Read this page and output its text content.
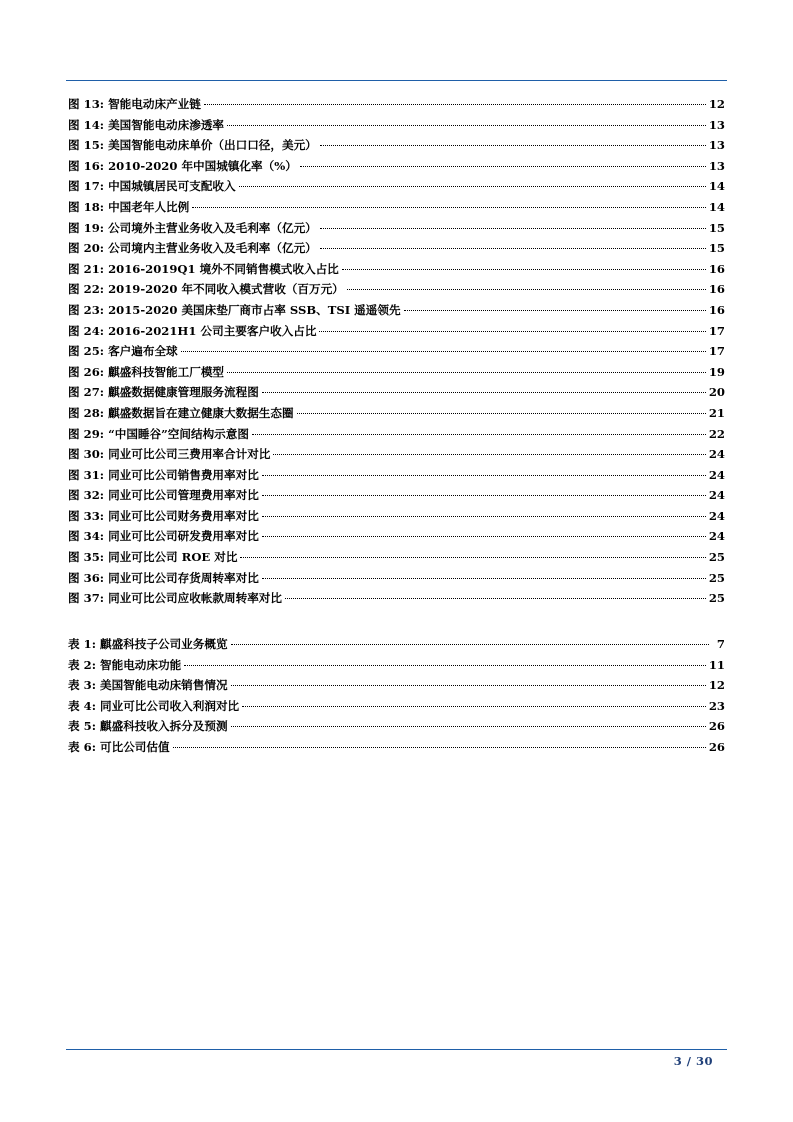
图 13: 智能电动床产业链	12
图 14: 美国智能电动床渗透率	13
图 15: 美国智能电动床单价（出口口径，美元）	13
图 16: 2010-2020 年中国城镇化率（%）	13
图 17: 中国城镇居民可支配收入	14
图 18: 中国老年人比例	14
图 19: 公司境外主营业务收入及毛利率（亿元）	15
图 20: 公司境内主营业务收入及毛利率（亿元）	15
图 21: 2016-2019Q1 境外不同销售模式收入占比	16
图 22: 2019-2020 年不同收入模式营收（百万元）	16
图 23: 2015-2020 美国床垫厂商市占率 SSB、TSI 遥遥领先	16
图 24: 2016-2021H1 公司主要客户收入占比	17
图 25: 客户遍布全球	17
图 26: 麒盛科技智能工厂模型	19
图 27: 麒盛数据健康管理服务流程图	20
图 28: 麒盛数据旨在建立健康大数据生态圈	21
图 29: “中国睡谷”空间结构示意图	22
图 30: 同业可比公司三费用率合计对比	24
图 31: 同业可比公司销售费用率对比	24
图 32: 同业可比公司管理费用率对比	24
图 33: 同业可比公司财务费用率对比	24
图 34: 同业可比公司研发费用率对比	24
图 35: 同业可比公司 ROE 对比	25
图 36: 同业可比公司存货周转率对比	25
图 37: 同业可比公司应收帐款周转率对比	25
表 1: 麒盛科技子公司业务概览	7
表 2: 智能电动床功能	11
表 3: 美国智能电动床销售情况	12
表 4: 同业可比公司收入利润对比	23
表 5: 麒盛科技收入拆分及预测	26
表 6: 可比公司估值	26
3 / 30
